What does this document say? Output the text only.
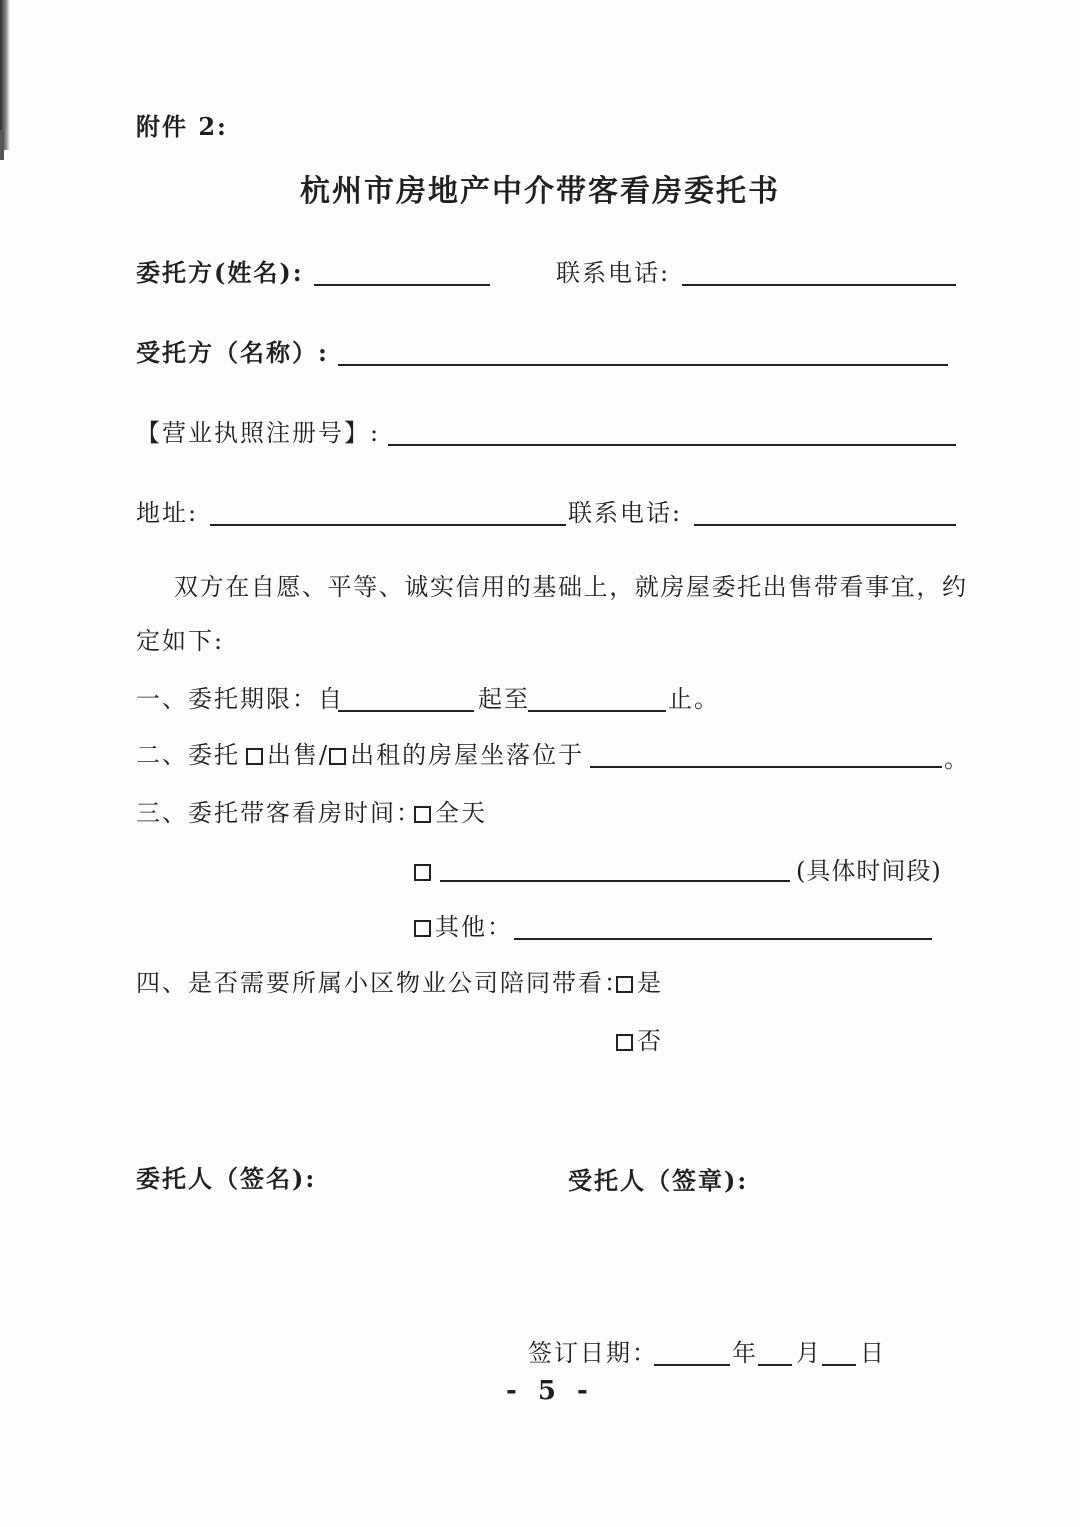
附件 2:
杭州市房地产中介带客看房委托书
委托方(姓名):	联系电话:
受托方（名称）:
【营业执照注册号】:
地址:	联系电话:
双方在自愿、平等、诚实信用的基础上，就房屋委托出售带看事宜，约
定如下:
一、委托期限：自	起至	止。
二、委托	出售/ 出租的房屋坐落位于	。
三、委托带客看房时间： 全天
(具体时间段)
其他：
四、是否需要所属小区物业公司陪同带看： 是
否
委托人（签名):	受托人（签章):
签订日期：	年 月 日
- 5 -
